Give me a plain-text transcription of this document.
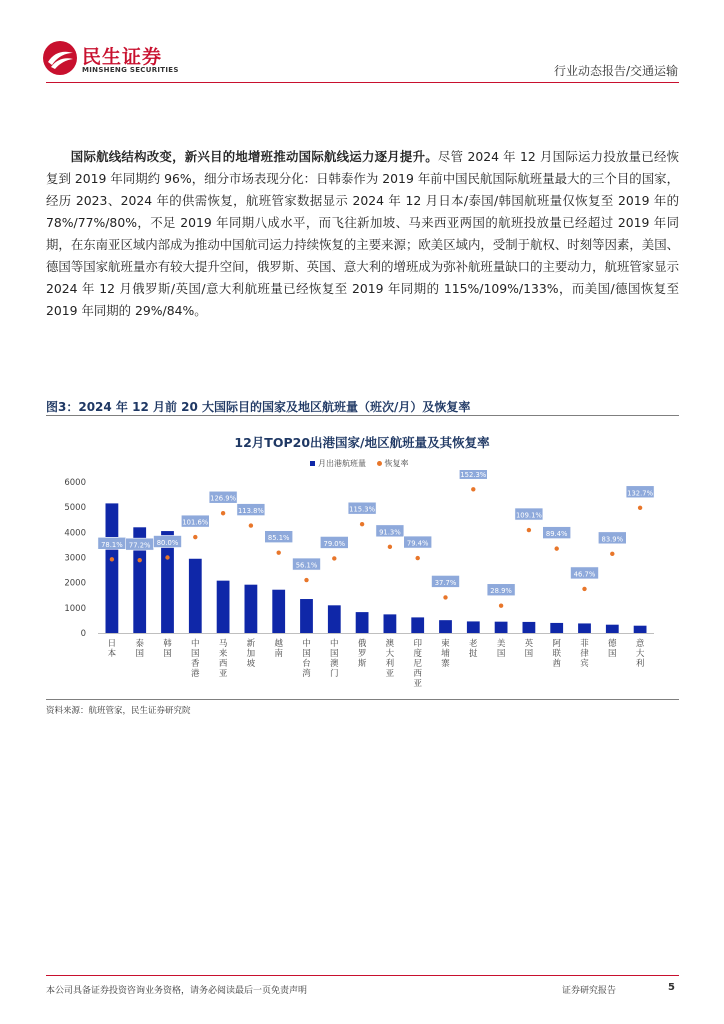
民生证券
MINSHENG SECURITIES	行业动态报告/交通运输

国际航线结构改变，新兴目的地增班推动国际航线运力逐月提升。尽管 2024 年 12 月国际运力投放量已经恢复到 2019 年同期约 96%，细分市场表现分化：日韩泰作为 2019 年前中国民航国际航班量最大的三个目的国家，经历 2023、2024 年的供需恢复，航班管家数据显示 2024 年 12 月日本/泰国/韩国航班量仅恢复至 2019 年的 78%/77%/80%，不足 2019 年同期八成水平，而飞往新加坡、马来西亚两国的航班投放量已经超过 2019 年同期，在东南亚区域内部成为推动中国航司运力持续恢复的主要来源；欧美区域内，受制于航权、时刻等因素，美国、德国等国家航班量亦有较大提升空间，俄罗斯、英国、意大利的增班成为弥补航班量缺口的主要动力，航班管家显示 2024 年 12 月俄罗斯/英国/意大利航班量已经恢复至 2019 年同期的 115%/109%/133%，而美国/德国恢复至 2019 年同期的 29%/84%。

图3：2024 年 12 月前 20 大国际目的国家及地区航班量（班次/月）及恢复率
12月TOP20出港国家/地区航班量及其恢复率
月出港航班量 恢复率
0
1000
2000
3000
4000
5000
6000
日本
78.1%
泰国
77.2%
韩国
80.0%
中国香港
101.6%
马来西亚
126.9%
新加坡
113.8%
越南
85.1%
中国台湾
56.1%
中国澳门
79.0%
俄罗斯
115.3%
澳大利亚
91.3%
印度尼西亚
79.4%
柬埔寨
37.7%
老挝
152.3%
美国
28.9%
英国
109.1%
阿联酋
89.4%
菲律宾
46.7%
德国
83.9%
意大利
132.7%
资料来源：航班管家，民生证券研究院
本公司具备证券投资咨询业务资格，请务必阅读最后一页免责声明	证券研究报告	5
